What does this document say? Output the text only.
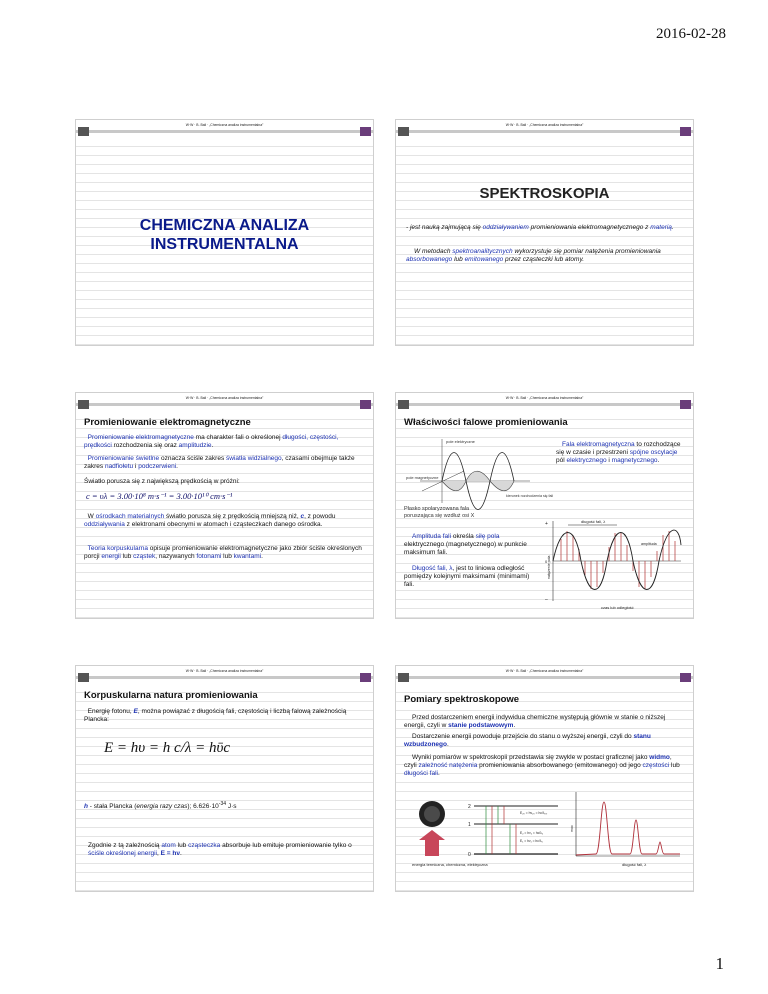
2016-02-28
W·W · B. Bali · „Chemiczna analiza instrumentalna”
CHEMICZNA ANALIZA
INSTRUMENTALNA
W·W · B. Bali · „Chemiczna analiza instrumentalna”
SPEKTROSKOPIA
- jest nauką zajmującą się oddziaływaniem promieniowania elektromagnetycznego z materią.
W metodach spektroanalitycznych wykorzystuje się pomiar natężenia promieniowania absorbowanego lub emitowanego przez cząsteczki lub atomy.
W·W · B. Bali · „Chemiczna analiza instrumentalna”
Promieniowanie elektromagnetyczne
Promieniowanie elektromagnetyczne ma charakter fali o określonej długości, częstości, prędkości rozchodzenia się oraz amplitudzie.
Promieniowanie świetlne oznacza ściśle zakres światła widzialnego, czasami obejmuje także zakres nadfiołetu i podczerwieni.
Światło porusza się z największą prędkością w próżni:
c = υλ = 3.00·10⁸ m·s⁻¹ = 3.00·10¹⁰ cm·s⁻¹
W ośrodkach materialnych światło porusza się z prędkością mniejszą niż, c, z powodu oddziaływania z elektronami obecnymi w atomach i cząsteczkach danego ośrodka.
Teoria korpuskularna opisuje promieniowanie elektromagnetyczne jako zbiór ściśle określonych porcji energii lub cząstek, nazywanych fotonami lub kwantami.
W·W · B. Bali · „Chemiczna analiza instrumentalna”
Właściwości falowe promieniowania
pole elektryczne
pole magnetyczne
kierunek rozchodzenia się fali
Fala elektromagnetyczna to rozchodzące się w czasie i przestrzeni spójne oscylacje pól elektrycznego i magnetycznego.
Płasko spolaryzowana fala poruszająca się wzdłuż osi X
Amplituda fali określa siłę pola elektrycznego (magnetycznego) w punkcie maksimum fali.
Długość fali, λ, jest to liniowa odległość pomiędzy kolejnymi maksimami (minimami) fali.
długość fali, λ
amplituda
+
0
–
czas lub odległość
natężenie pola
W·W · B. Bali · „Chemiczna analiza instrumentalna”
Korpuskularna natura promieniowania
Energię fotonu, E, można powiązać z długością fali, częstością i liczbą falową zależnością Plancka:
E = hυ = h c/λ = hῡc
h - stała Plancka (energia razy czas); $6.626\cdot 10^{-34}$ J·s
Zgodnie z tą zależnością atom lub cząsteczka absorbuje lub emituje promieniowanie tylko o ściśle określonej energii, E = hν.
W·W · B. Bali · „Chemiczna analiza instrumentalna”
Pomiary spektroskopowe
Przed dostarczeniem energii indywidua chemiczne występują głównie w stanie o niższej energii, czyli w stanie podstawowym.
Dostarczenie energii powoduje przejście do stanu o wyższej energii, czyli do stanu wzbudzonego.
Wyniki pomiarów w spektroskopii przedstawia się zwykle w postaci graficznej jako widmo, czyli zależność natężenia promieniowania absorbowanego (emitowanego) od jego częstości lub długości fali.
energia termiczna, chemiczna, elektryczna
2
1
0
E₂₀ = hν₂₀ = hc/λ₂₀
E₂ = hν₂ = hc/λ₂
E₁ = hν₁ = hc/λ₁
długość fali, λ
moc
1
